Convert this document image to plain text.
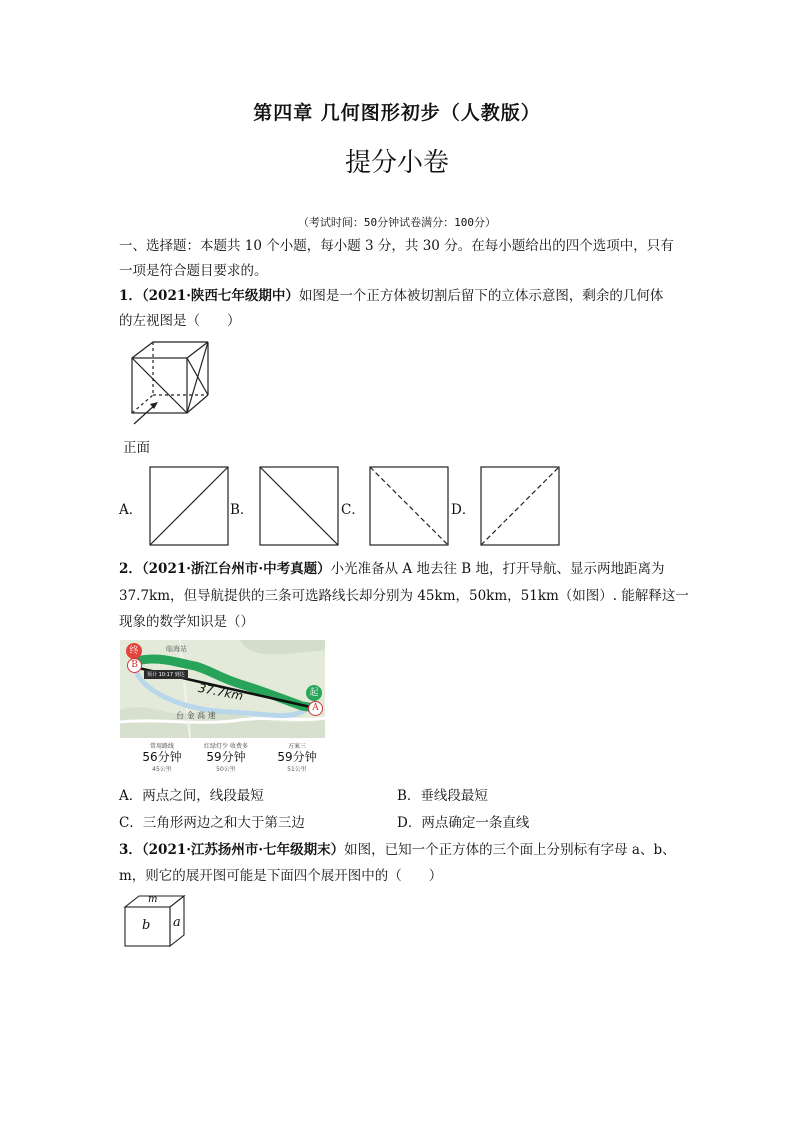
第四章 几何图形初步（人教版）
提分小卷
（考试时间：50分钟试卷满分：100分）
一、选择题：本题共 10 个小题，每小题 3 分，共 30 分。在每小题给出的四个选项中，只有
一项是符合题目要求的。
1．（2021·陕西七年级期中）如图是一个正方体被切割后留下的立体示意图，剩余的几何体
的左视图是（　　）
正面
A．	B．	C．	D．
2．（2021·浙江台州市·中考真题）小光准备从 A 地去往 B 地，打开导航、显示两地距离为
37.7km，但导航提供的三条可选路线长却分别为 45km，50km，51km（如图）. 能解释这一
现象的数学知识是（）
预计 10:17 到达
临海站
37.7km
台 金 高 速
终
B
起
A
常用路线
56分钟
45公里
红绿灯少 收费多
59分钟
50公里
方案三
59分钟
51公里
A．两点之间，线段最短	B．垂线段最短
C．三角形两边之和大于第三边	D．两点确定一条直线
3．（2021·江苏扬州市·七年级期末）如图，已知一个正方体的三个面上分别标有字母 a、b、
m，则它的展开图可能是下面四个展开图中的（　　）
m
b a
